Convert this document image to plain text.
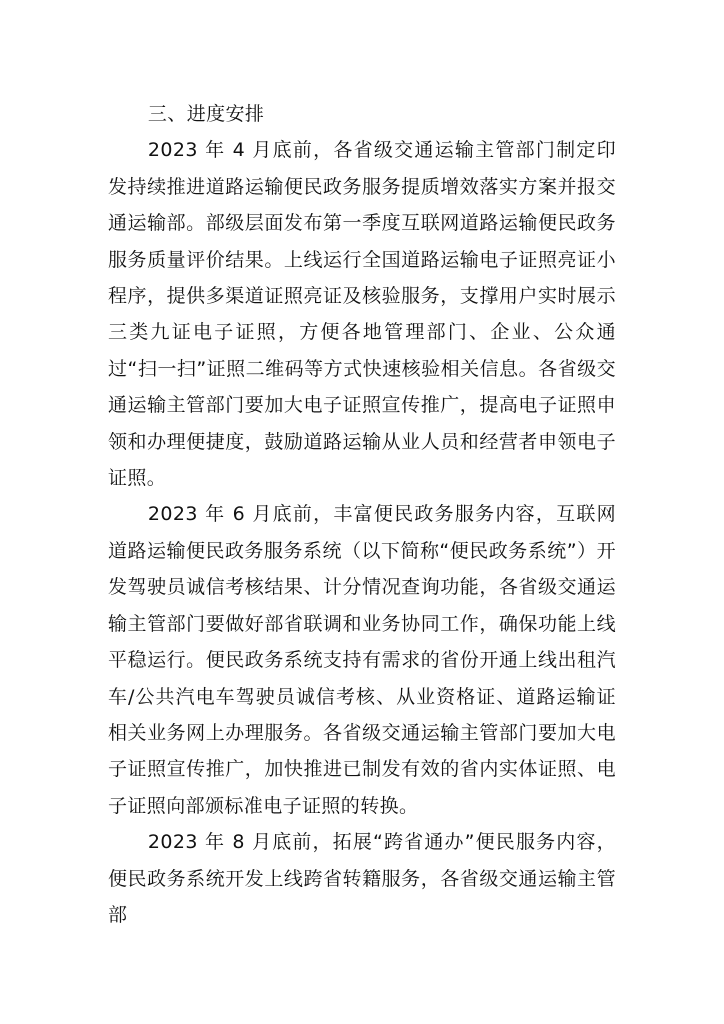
三、进度安排

2023 年 4 月底前，各省级交通运输主管部门制定印发持续推进道路运输便民政务服务提质增效落实方案并报交通运输部。部级层面发布第一季度互联网道路运输便民政务服务质量评价结果。上线运行全国道路运输电子证照亮证小程序，提供多渠道证照亮证及核验服务，支撑用户实时展示三类九证电子证照，方便各地管理部门、企业、公众通过“扫一扫”证照二维码等方式快速核验相关信息。各省级交通运输主管部门要加大电子证照宣传推广，提高电子证照申领和办理便捷度，鼓励道路运输从业人员和经营者申领电子证照。

2023 年 6 月底前，丰富便民政务服务内容，互联网道路运输便民政务服务系统（以下简称“便民政务系统”）开发驾驶员诚信考核结果、计分情况查询功能，各省级交通运输主管部门要做好部省联调和业务协同工作，确保功能上线平稳运行。便民政务系统支持有需求的省份开通上线出租汽车/公共汽电车驾驶员诚信考核、从业资格证、道路运输证相关业务网上办理服务。各省级交通运输主管部门要加大电子证照宣传推广，加快推进已制发有效的省内实体证照、电子证照向部颁标准电子证照的转换。

2023 年 8 月底前，拓展“跨省通办”便民服务内容，便民政务系统开发上线跨省转籍服务，各省级交通运输主管部
